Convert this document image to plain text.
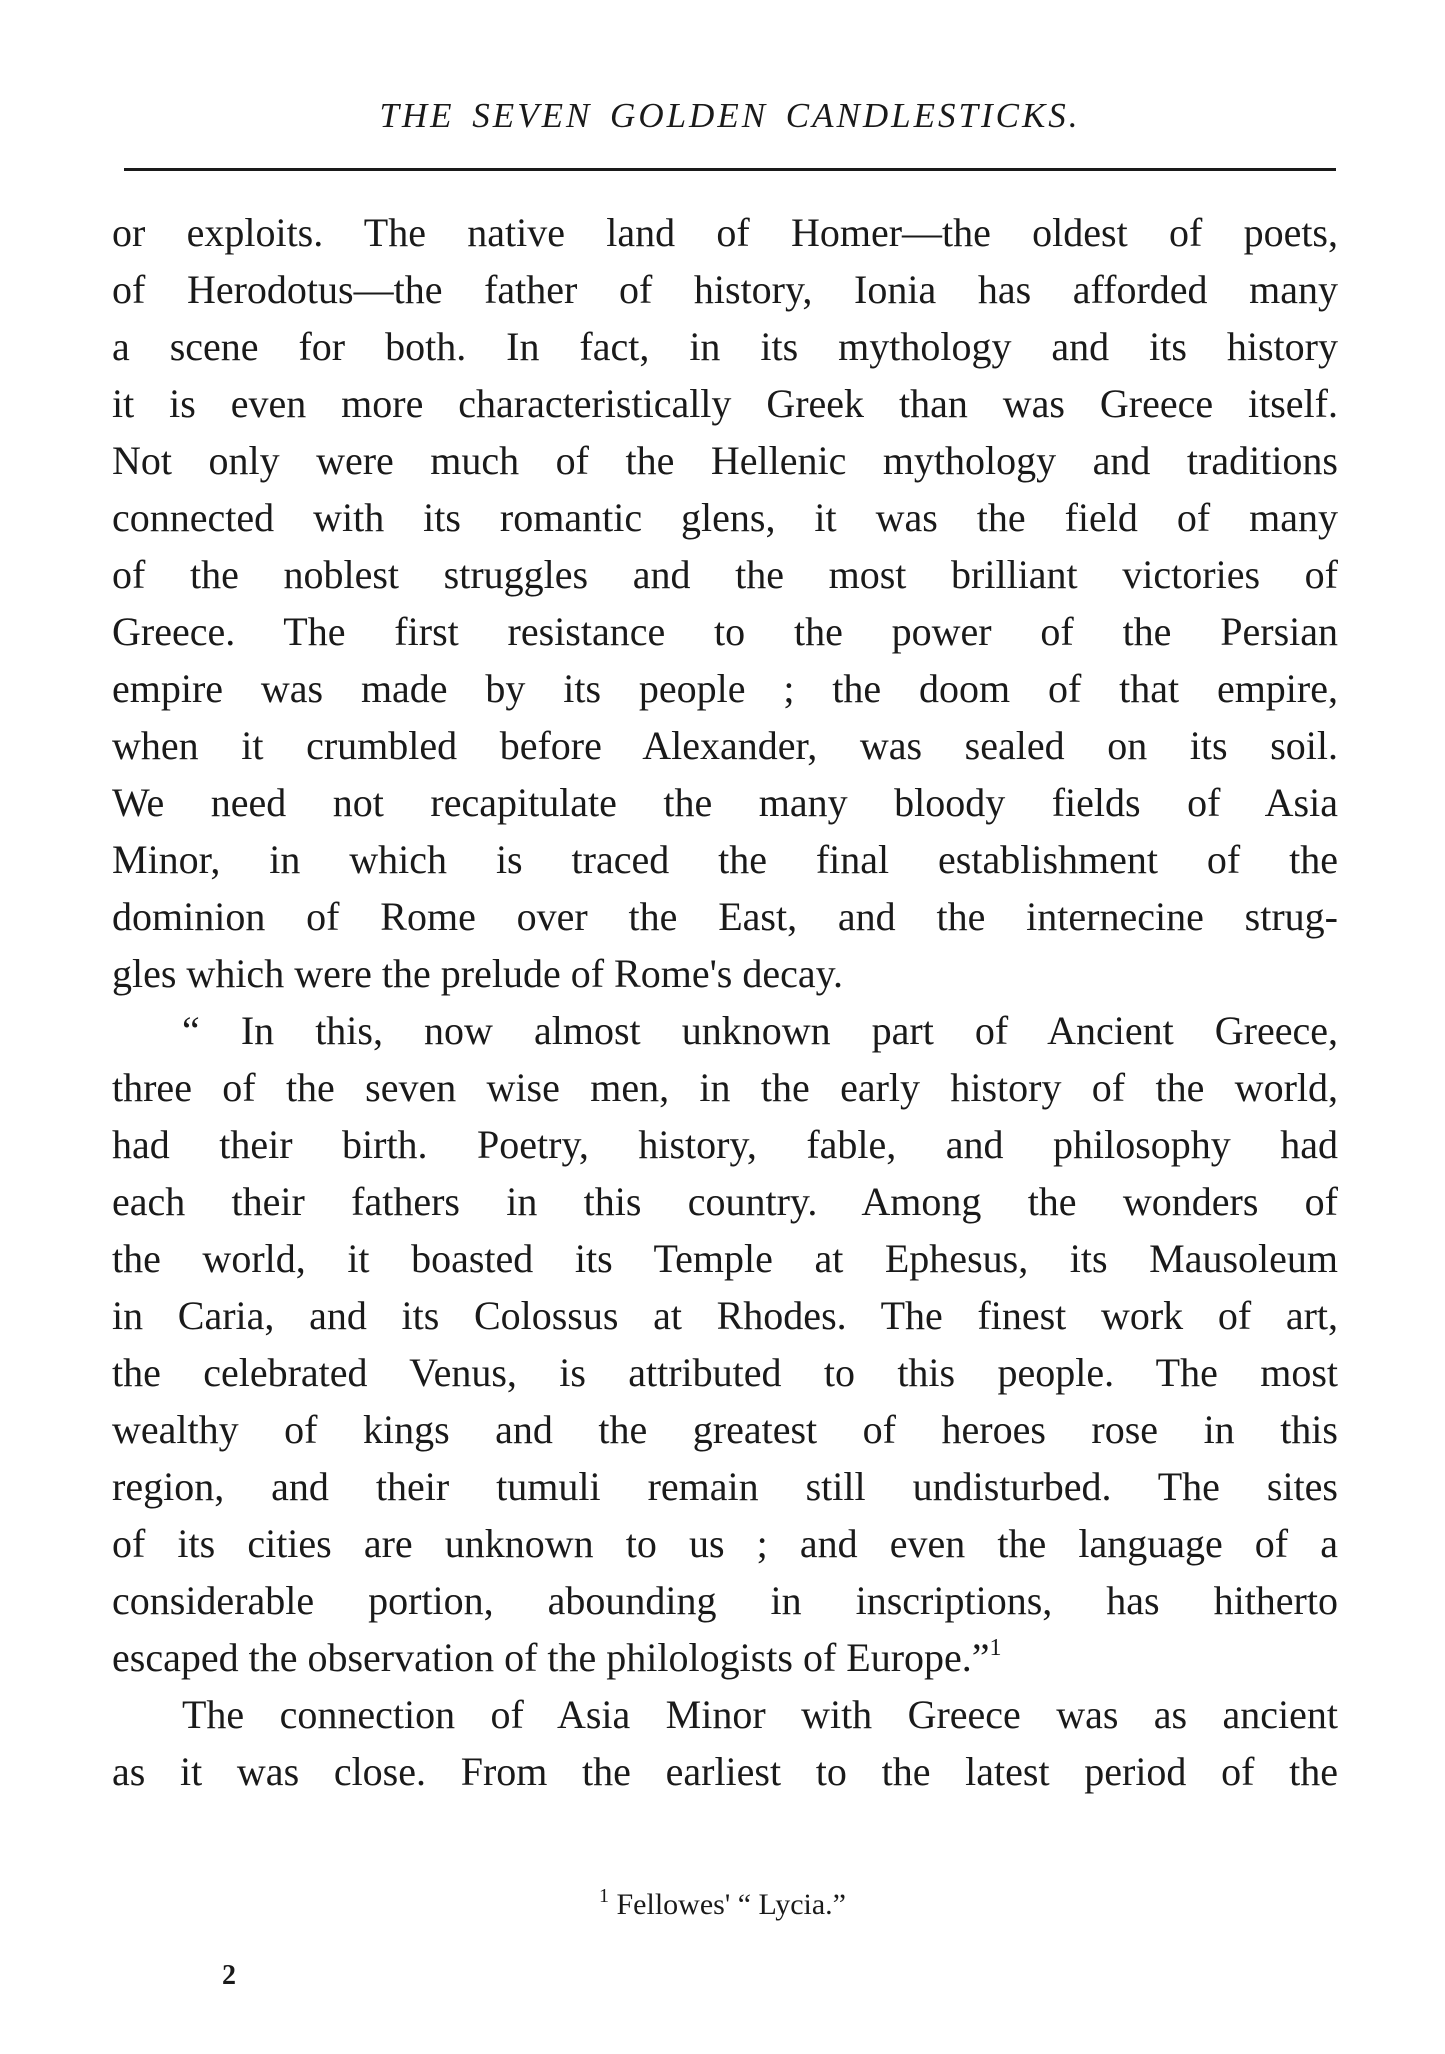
THE SEVEN GOLDEN CANDLESTICKS.
or exploits. The native land of Homer—the oldest of poets,
of Herodotus—the father of history, Ionia has afforded many
a scene for both. In fact, in its mythology and its history
it is even more characteristically Greek than was Greece itself.
Not only were much of the Hellenic mythology and traditions
connected with its romantic glens, it was the field of many
of the noblest struggles and the most brilliant victories of
Greece. The first resistance to the power of the Persian
empire was made by its people ; the doom of that empire,
when it crumbled before Alexander, was sealed on its soil.
We need not recapitulate the many bloody fields of Asia
Minor, in which is traced the final establishment of the
dominion of Rome over the East, and the internecine strug-
gles which were the prelude of Rome's decay.
“ In this, now almost unknown part of Ancient Greece,
three of the seven wise men, in the early history of the world,
had their birth. Poetry, history, fable, and philosophy had
each their fathers in this country. Among the wonders of
the world, it boasted its Temple at Ephesus, its Mausoleum
in Caria, and its Colossus at Rhodes. The finest work of art,
the celebrated Venus, is attributed to this people. The most
wealthy of kings and the greatest of heroes rose in this
region, and their tumuli remain still undisturbed. The sites
of its cities are unknown to us ; and even the language of a
considerable portion, abounding in inscriptions, has hitherto
escaped the observation of the philologists of Europe.”$^1$
The connection of Asia Minor with Greece was as ancient
as it was close. From the earliest to the latest period of the
$^1$ Fellowes' “ Lycia.”
2
